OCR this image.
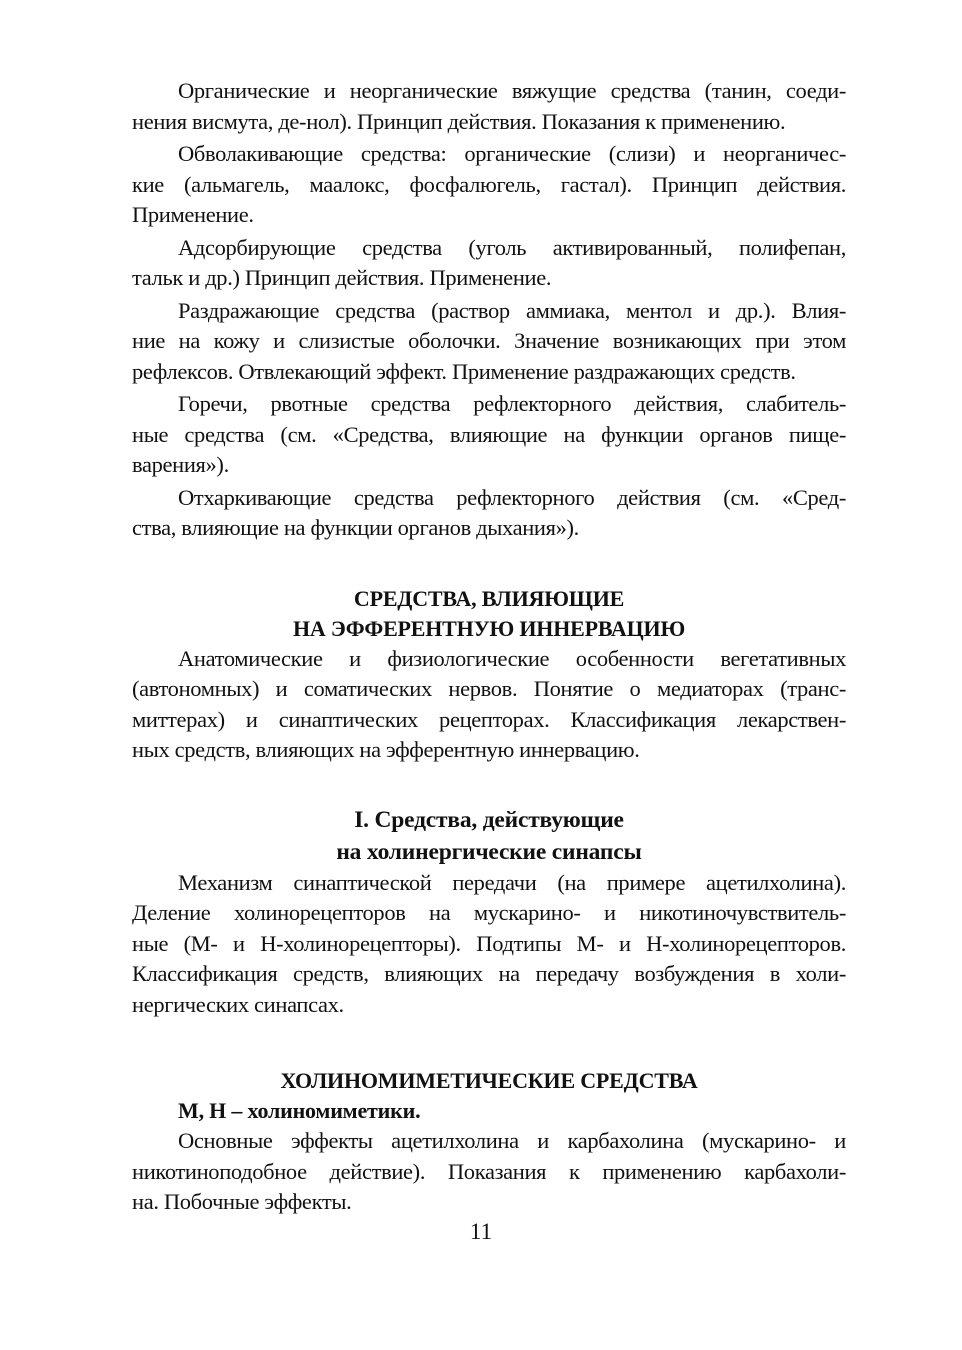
Органические и неорганические вяжущие средства (танин, соеди-
нения висмута, де-нол). Принцип действия. Показания к применению.
Обволакивающие средства: органические (слизи) и неорганичес-
кие (альмагель, маалокс, фосфалюгель, гастал). Принцип действия.
Применение.
Адсорбирующие средства (уголь активированный, полифепан,
тальк и др.) Принцип действия. Применение.
Раздражающие средства (раствор аммиака, ментол и др.). Влия-
ние на кожу и слизистые оболочки. Значение возникающих при этом
рефлексов. Отвлекающий эффект. Применение раздражающих средств.
Горечи, рвотные средства рефлекторного действия, слабитель-
ные средства (см. «Средства, влияющие на функции органов пище-
варения»).
Отхаркивающие средства рефлекторного действия (см. «Сред-
ства, влияющие на функции органов дыхания»).
СРЕДСТВА, ВЛИЯЮЩИЕ
НА ЭФФЕРЕНТНУЮ ИННЕРВАЦИЮ
Анатомические и физиологические особенности вегетативных
(автономных) и соматических нервов. Понятие о медиаторах (транс-
миттерах) и синаптических рецепторах. Классификация лекарствен-
ных средств, влияющих на эфферентную иннервацию.
I. Средства, действующие
на холинергические синапсы
Механизм синаптической передачи (на примере ацетилхолина).
Деление холинорецепторов на мускарино- и никотиночувствитель-
ные (М- и Н-холинорецепторы). Подтипы М- и Н-холинорецепторов.
Классификация средств, влияющих на передачу возбуждения в холи-
нергических синапсах.
ХОЛИНОМИМЕТИЧЕСКИЕ СРЕДСТВА
М, Н – холиномиметики.
Основные эффекты ацетилхолина и карбахолина (мускарино- и
никотиноподобное действие). Показания к применению карбахоли-
на. Побочные эффекты.
11
